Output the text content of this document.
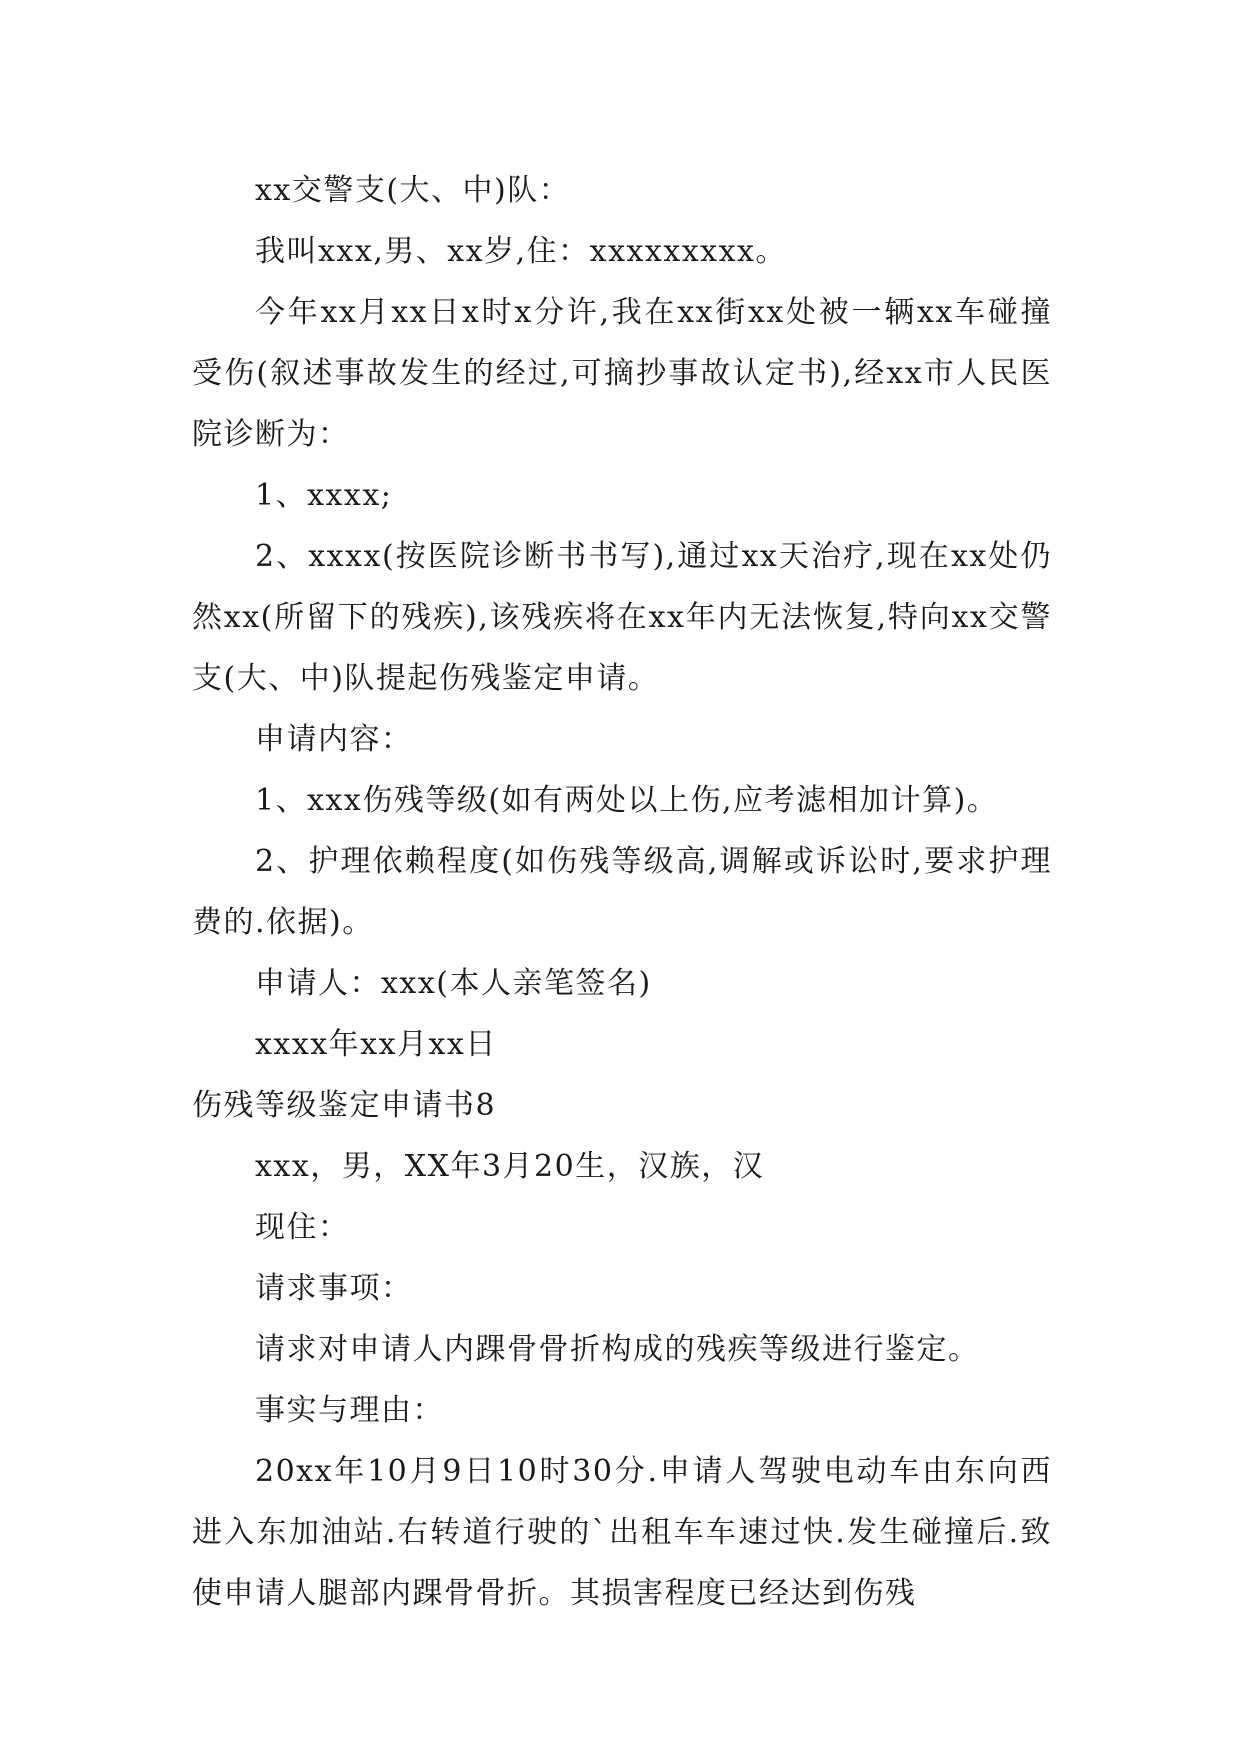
xx交警支(大、中)队：

我叫xxx,男、xx岁,住：xxxxxxxxx。

今年xx月xx日x时x分许,我在xx街xx处被一辆xx车碰撞受伤(叙述事故发生的经过,可摘抄事故认定书),经xx市人民医院诊断为：

1、xxxx;

2、xxxx(按医院诊断书书写),通过xx天治疗,现在xx处仍然xx(所留下的残疾),该残疾将在xx年内无法恢复,特向xx交警支(大、中)队提起伤残鉴定申请。

申请内容：

1、xxx伤残等级(如有两处以上伤,应考滤相加计算)。

2、护理依赖程度(如伤残等级高,调解或诉讼时,要求护理费的.依据)。

申请人：xxx(本人亲笔签名)

xxxx年xx月xx日

伤残等级鉴定申请书8

xxx，男，XX年3月20生，汉族，汉

现住：

请求事项：

请求对申请人内踝骨骨折构成的残疾等级进行鉴定。

事实与理由：

20xx年10月9日10时30分.申请人驾驶电动车由东向西进入东加油站.右转道行驶的`出租车车速过快.发生碰撞后.致使申请人腿部内踝骨骨折。其损害程度已经达到伤残
